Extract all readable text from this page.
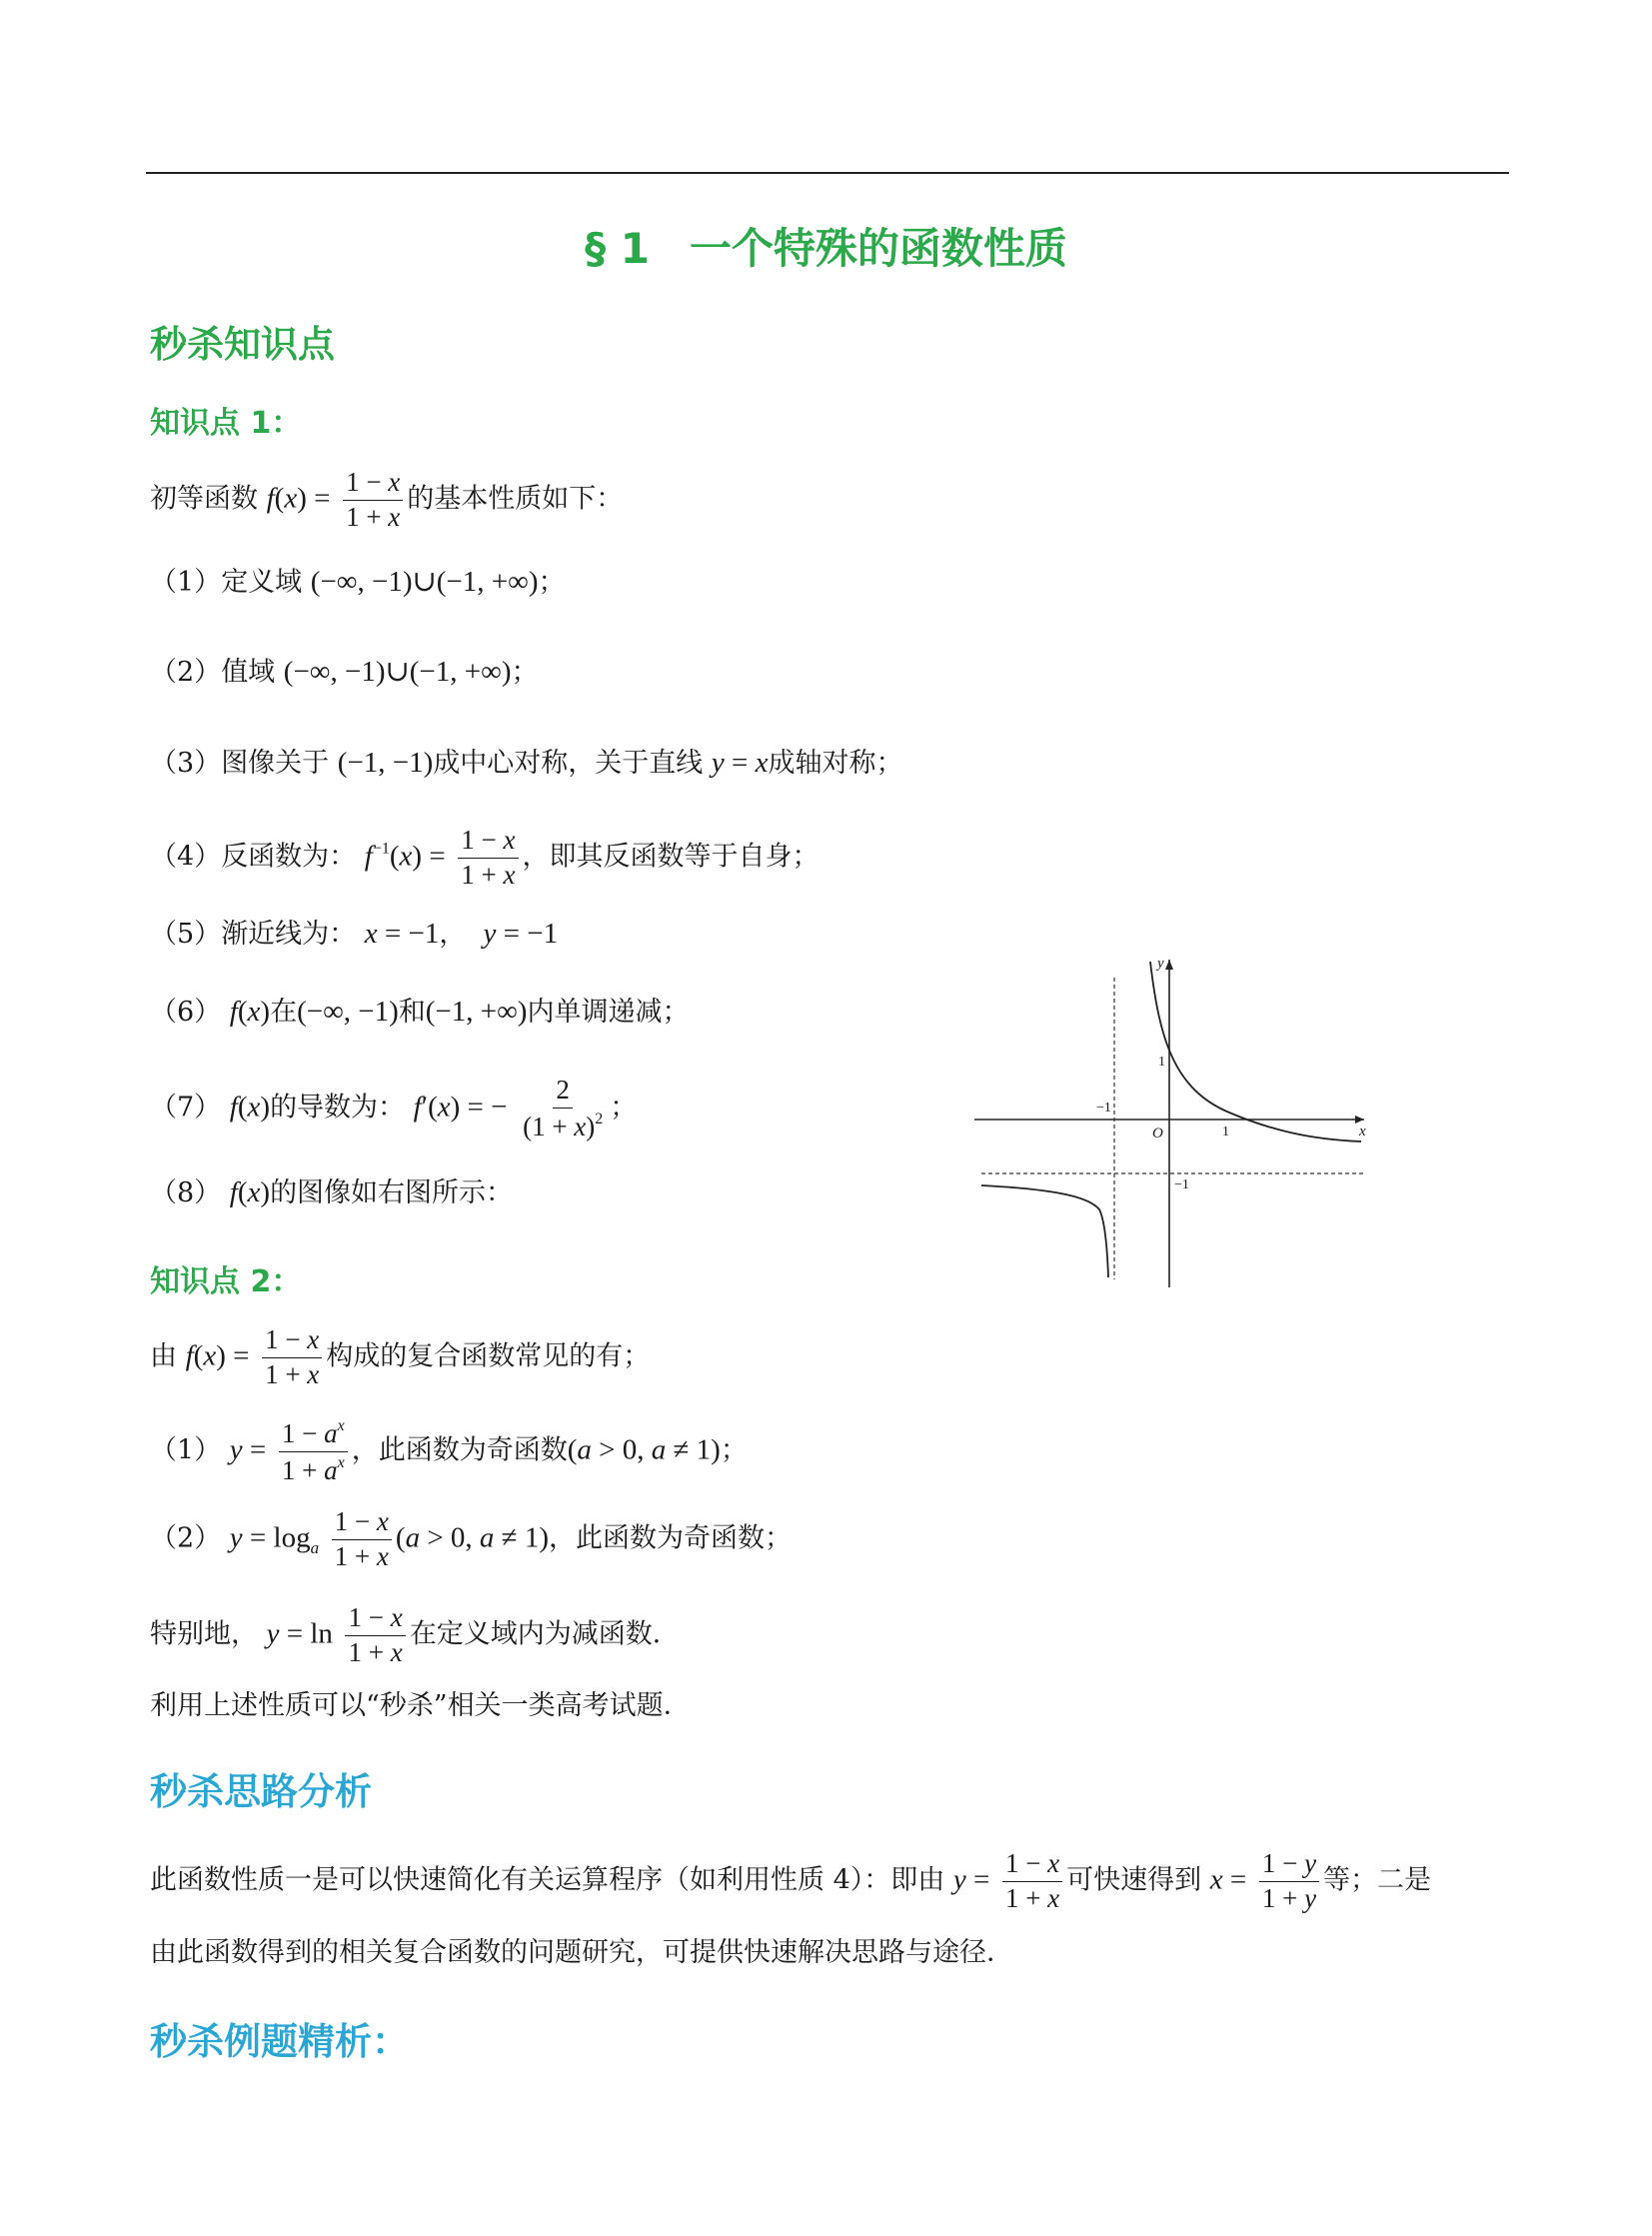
§ 1 一个特殊的函数性质
秒杀知识点
知识点 1：
初等函数 $f(x) = \frac{1 - x}{1 + x}$ 的基本性质如下：
（1）定义域 (−∞, −1)∪(−1, +∞)；
（2）值域 (−∞, −1)∪(−1, +∞)；
（3）图像关于 (−1, −1)成中心对称，关于直线 y = x成轴对称；
（4）反函数为： $f^{-1}(x) = \frac{1 - x}{1 + x}$ ，即其反函数等于自身；
（5）渐近线为： x = −1，  y = −1
（6） f(x)在(−∞, −1)和(−1, +∞)内单调递减；
（7） f(x)的导数为： f′(x) = − $\frac{2}{(1 + x)^2}$ ；
（8） f(x)的图像如右图所示：
x
y
O	1
−1
1
−1
知识点 2：
由 $f(x) = \frac{1 - x}{1 + x}$ 构成的复合函数常见的有；
（1） $y = \frac{1 - a^x}{1 + a^x}$ ，此函数为奇函数(a > 0, a ≠ 1)；
（2） $y = \log_a \frac{1 - x}{1 + x} (a > 0$, a ≠ 1)，此函数为奇函数；
特别地， $y = \ln \frac{1 - x}{1 + x}$ 在定义域内为减函数．
利用上述性质可以“秒杀”相关一类高考试题．
秒杀思路分析
此函数性质一是可以快速简化有关运算程序（如利用性质 4）：即由 $y = \frac{1 - x}{1 + x}$ 可快速得到 $x = \frac{1 - y}{1 + y}$ 等；二是
由此函数得到的相关复合函数的问题研究，可提供快速解决思路与途径．
秒杀例题精析：
